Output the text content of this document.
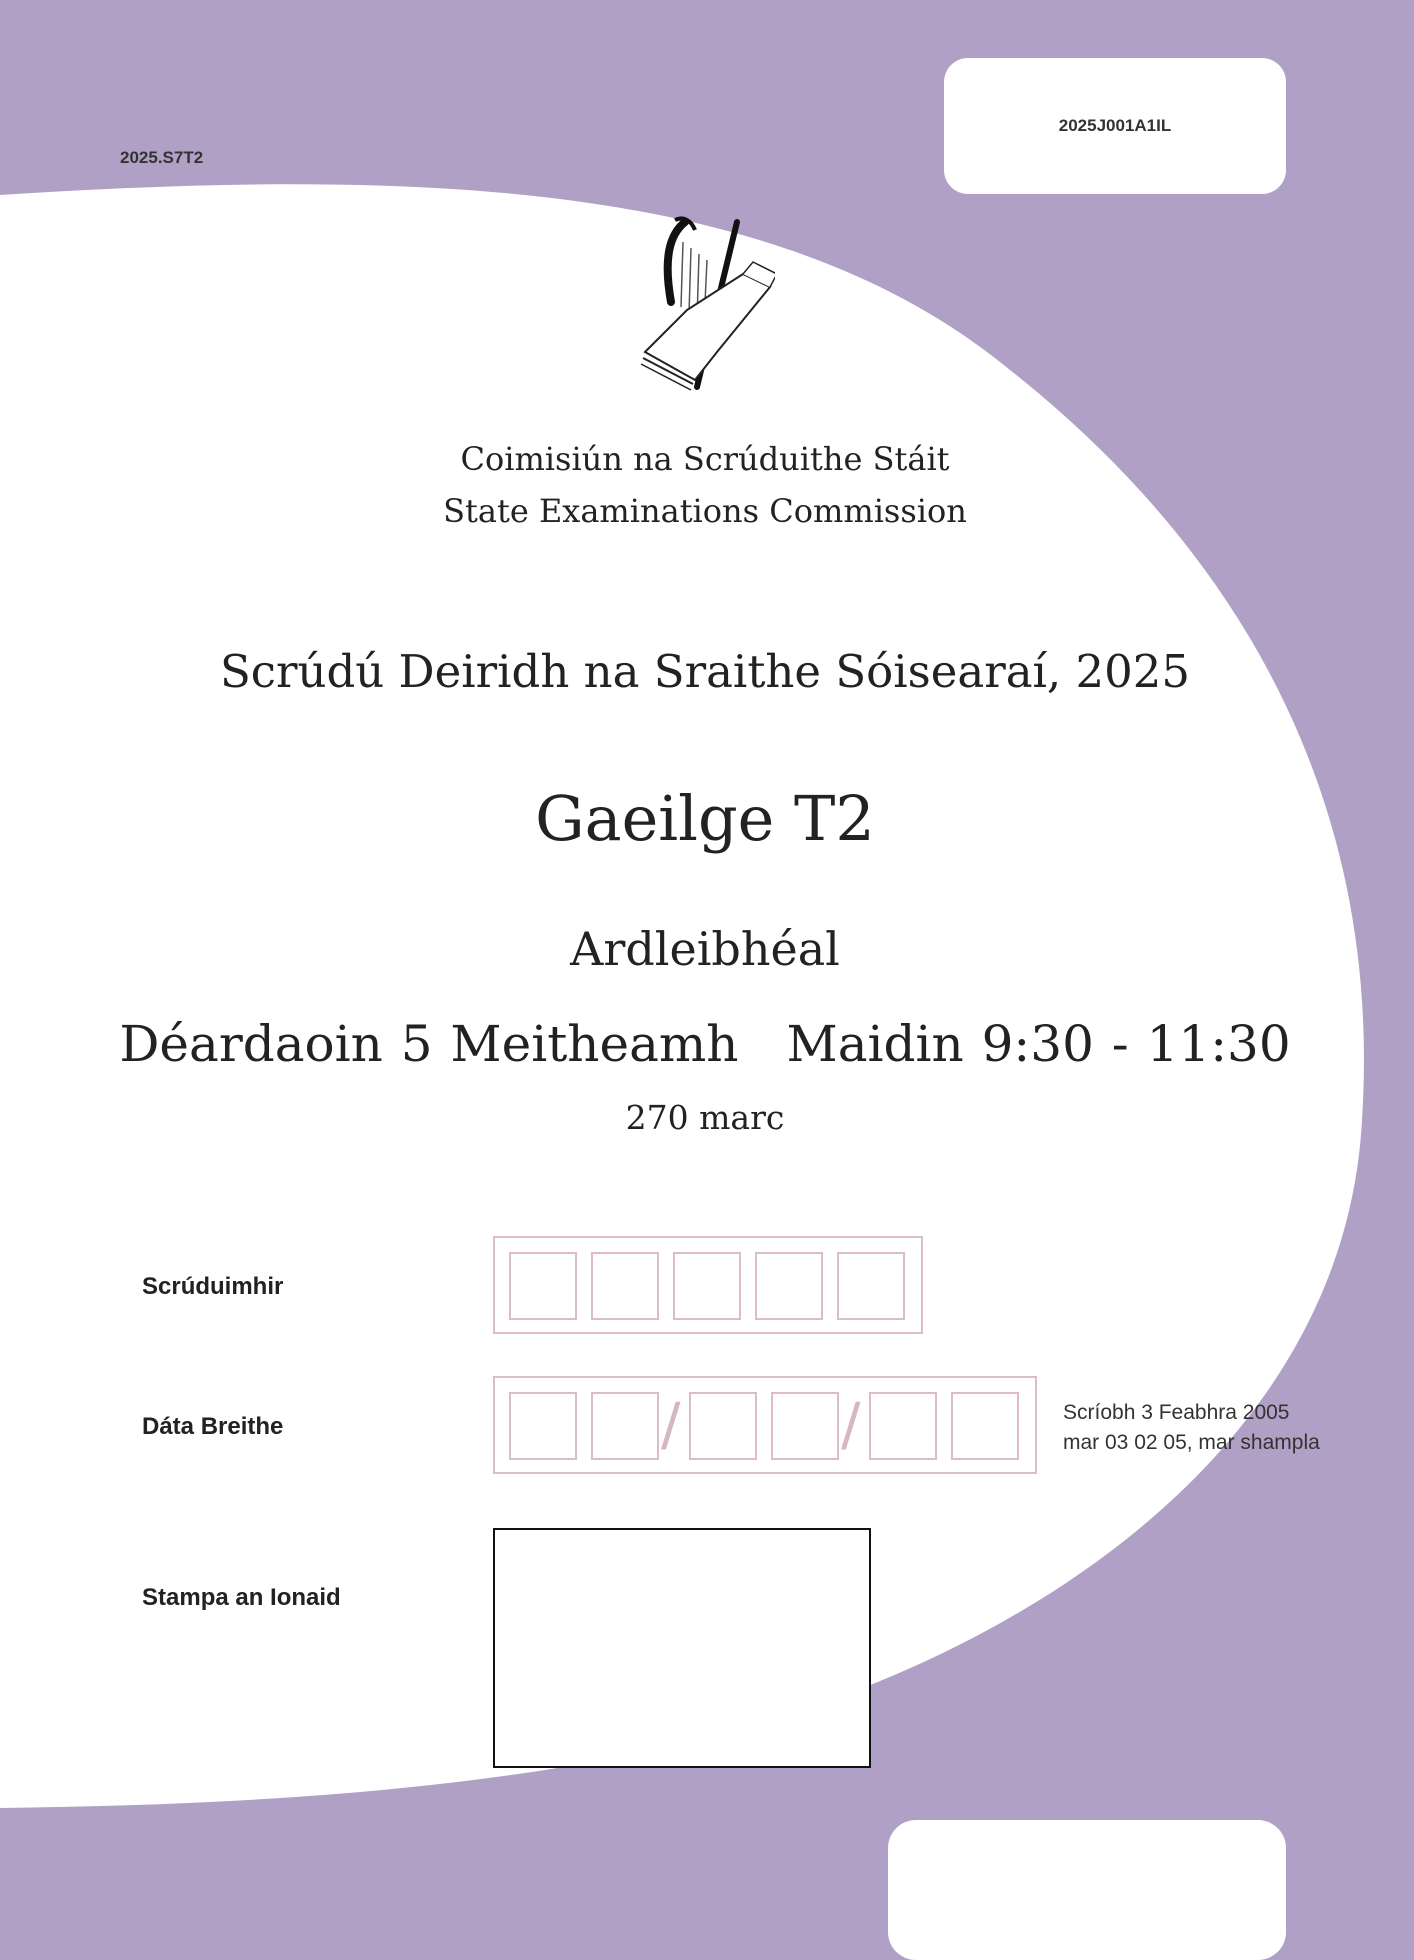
2025.S7T2
2025J001A1IL
Coimisiún na Scrúduithe Stáit
State Examinations Commission
Scrúdú Deiridh na Sraithe Sóisearaí, 2025
Gaeilge T2
Ardleibhéal
Déardaoin 5 Meitheamh Maidin 9:30 - 11:30
270 marc
Scrúduimhir
Dáta Breithe	/	/	Scríobh 3 Feabhra 2005
mar 03 02 05, mar shampla
Stampa an Ionaid
